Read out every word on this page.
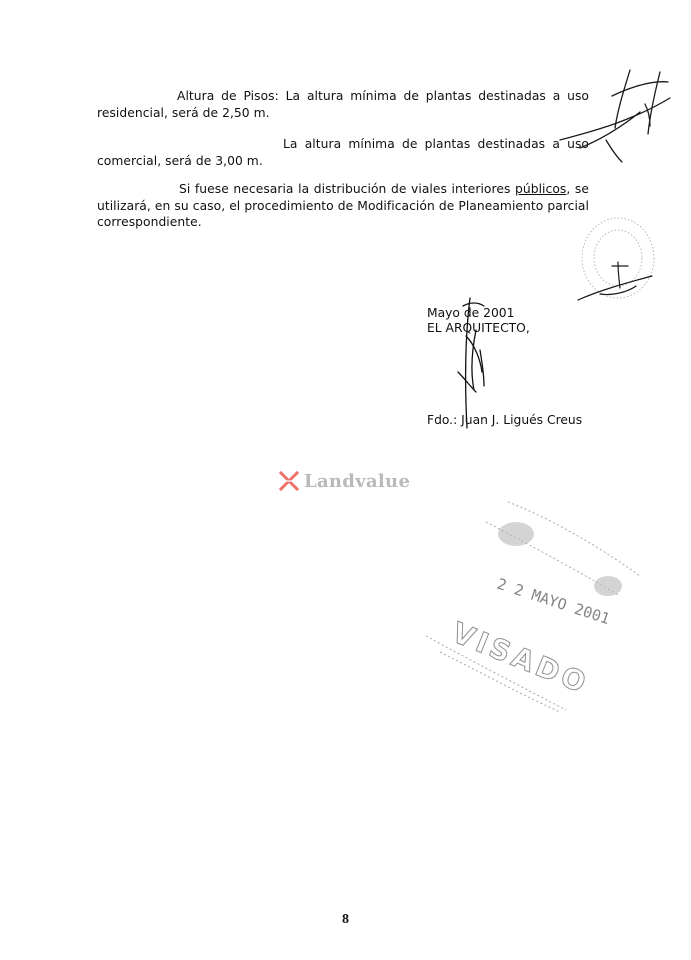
Altura de Pisos: La altura mínima de plantas destinadas a uso residencial, será de 2,50 m.
La altura mínima de plantas destinadas a uso comercial, será de 3,00 m.
Si fuese necesaria la distribución de viales interiores públicos, se utilizará, en su caso, el procedimiento de Modificación de Planeamiento parcial correspondiente.
Mayo de 2001
EL ARQUITECTO,
Fdo.: Juan J. Ligués Creus
Landvalue
2 2 MAYO 2001
VISADO
8
